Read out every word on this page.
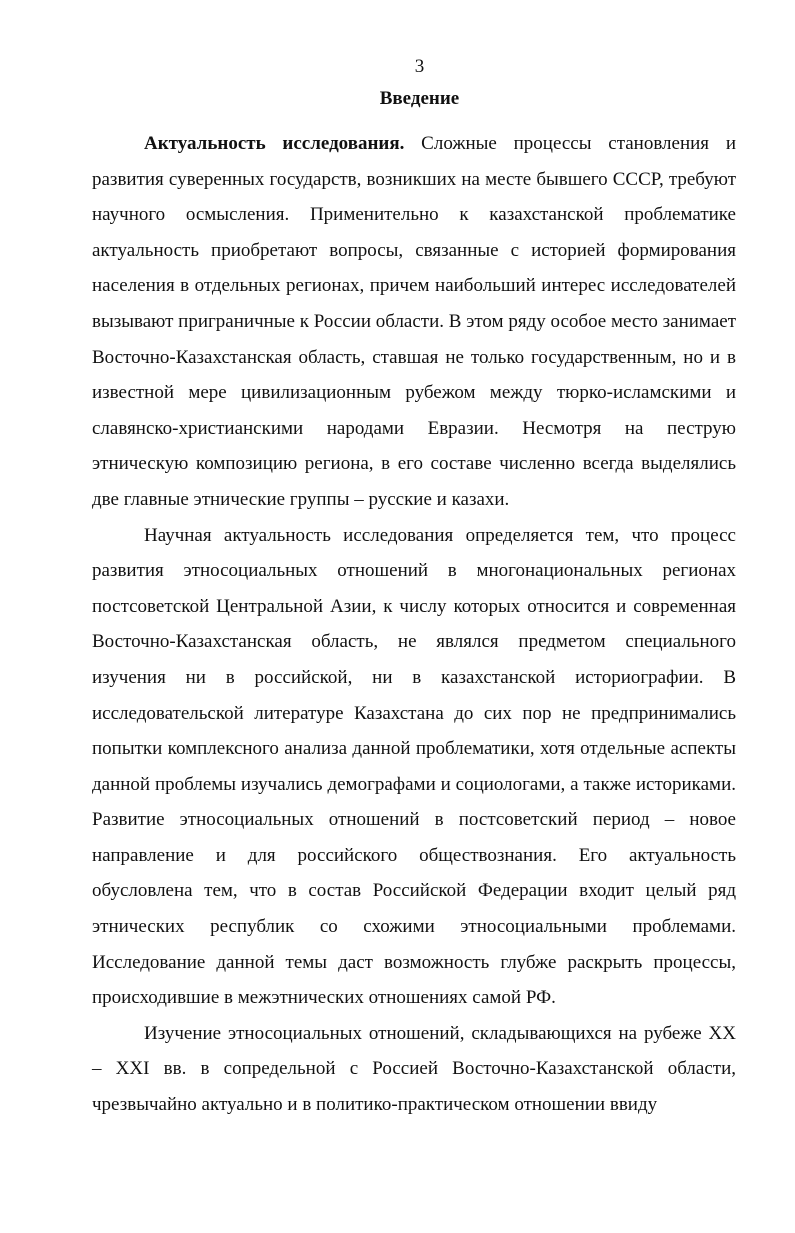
3
Введение

Актуальность исследования. Сложные процессы становления и развития суверенных государств, возникших на месте бывшего СССР, требуют научного осмысления. Применительно к казахстанской проблематике актуальность приобретают вопросы, связанные с историей формирования населения в отдельных регионах, причем наибольший интерес исследователей вызывают приграничные к России области. В этом ряду особое место занимает Восточно-Казахстанская область, ставшая не только государственным, но и в известной мере цивилизационным рубежом между тюрко-исламскими и славянско-христианскими народами Евразии. Несмотря на пеструю этническую композицию региона, в его составе численно всегда выделялись две главные этнические группы – русские и казахи.

Научная актуальность исследования определяется тем, что процесс развития этносоциальных отношений в многонациональных регионах постсоветской Центральной Азии, к числу которых относится и современная Восточно-Казахстанская область, не являлся предметом специального изучения ни в российской, ни в казахстанской историографии. В исследовательской литературе Казахстана до сих пор не предпринимались попытки комплексного анализа данной проблематики, хотя отдельные аспекты данной проблемы изучались демографами и социологами, а также историками. Развитие этносоциальных отношений в постсоветский период – новое направление и для российского обществознания. Его актуальность обусловлена тем, что в состав Российской Федерации входит целый ряд этнических республик со схожими этносоциальными проблемами. Исследование данной темы даст возможность глубже раскрыть процессы, происходившие в межэтнических отношениях самой РФ.

Изучение этносоциальных отношений, складывающихся на рубеже XX – XXI вв. в сопредельной с Россией Восточно-Казахстанской области, чрезвычайно актуально и в политико-практическом отношении ввиду
